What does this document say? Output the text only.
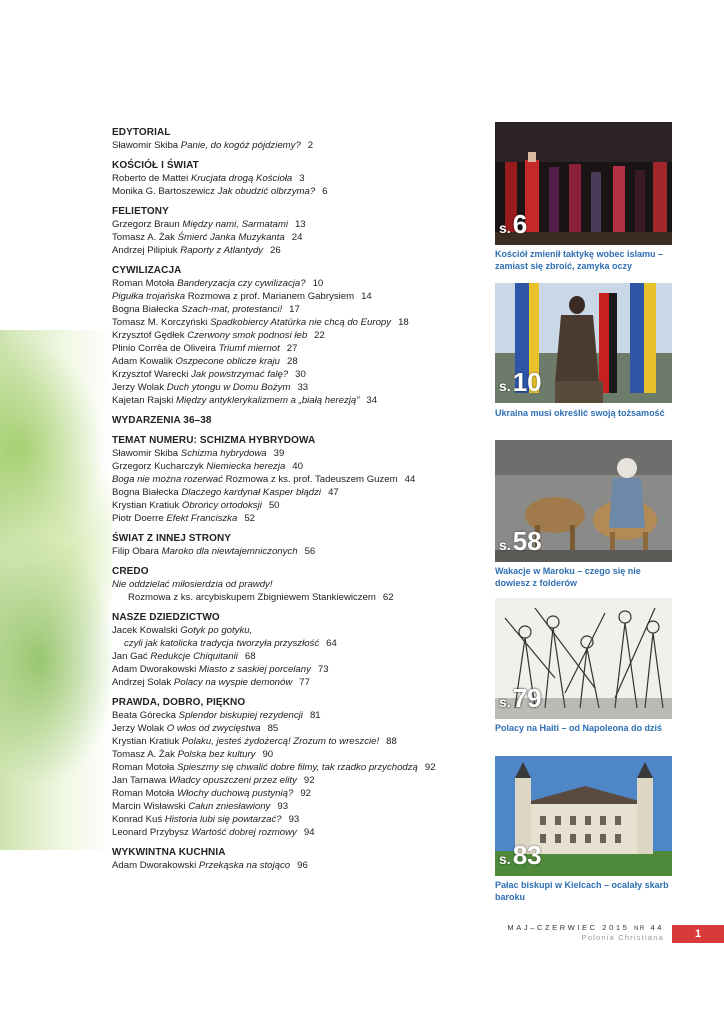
EDYTORIAL
Sławomir Skiba Panie, do kogóż pójdziemy? 2
KOŚCIÓŁ I ŚWIAT
Roberto de Mattei Krucjata drogą Kościoła 3
Monika G. Bartoszewicz Jak obudzić olbrzyma? 6
FELIETONY
Grzegorz Braun Między nami, Sarmatami 13
Tomasz A. Żak Śmierć Janka Muzykanta 24
Andrzej Pilipiuk Raporty z Atlantydy 26
CYWILIZACJA
Roman Motoła Banderyzacja czy cywilizacja? 10
Pigułka trojańska Rozmowa z prof. Marianem Gabrysiem 14
Bogna Białecka Szach-mat, protestanci! 17
Tomasz M. Korczyński Spadkobiercy Atatürka nie chcą do Europy 18
Krzysztof Gędłek Czerwony smok podnosi łeb 22
Plinio Corrêa de Oliveira Triumf miernot 27
Adam Kowalik Oszpecone oblicze kraju 28
Krzysztof Warecki Jak powstrzymać falę? 30
Jerzy Wolak Duch ytongu w Domu Bożym 33
Kajetan Rajski Między antyklerykalizmem a „białą herezją” 34
WYDARZENIA 36–38
TEMAT NUMERU: SCHIZMA HYBRYDOWA
Sławomir Skiba Schizma hybrydowa 39
Grzegorz Kucharczyk Niemiecka herezja 40
Boga nie można rozerwać Rozmowa z ks. prof. Tadeuszem Guzem 44
Bogna Białecka Dlaczego kardynał Kasper błądzi 47
Krystian Kratiuk Obrońcy ortodoksji 50
Piotr Doerre Efekt Franciszka 52
ŚWIAT Z INNEJ STRONY
Filip Obara Maroko dla niewtajemniczonych 56
CREDO
Nie oddzielać miłosierdzia od prawdy!
Rozmowa z ks. arcybiskupem Zbigniewem Stankiewiczem 62
NASZE DZIEDZICTWO
Jacek Kowalski Gotyk po gotyku,
czyli jak katolicka tradycja tworzyła przyszłość 64
Jan Gać Redukcje Chiquitanii 68
Adam Dworakowski Miasto z saskiej porcelany 73
Andrzej Solak Polacy na wyspie demonów 77
PRAWDA, DOBRO, PIĘKNO
Beata Górecka Splendor biskupiej rezydencji 81
Jerzy Wolak O włos od zwycięstwa 85
Krystian Kratiuk Polaku, jesteś żydożercą! Zrozum to wreszcie! 88
Tomasz A. Żak Polska bez kultury 90
Roman Motoła Spieszmy się chwalić dobre filmy, tak rzadko przychodzą 92
Jan Tarnawa Władcy opuszczeni przez elity 92
Roman Motoła Włochy duchową pustynią? 92
Marcin Wisławski Całun zniesławiony 93
Konrad Kuś Historia lubi się powtarzać? 93
Leonard Przybysz Wartość dobrej rozmowy 94
WYKWINTNA KUCHNIA
Adam Dworakowski Przekąska na stojąco 96
s.6
Kościół zmienił taktykę wobec islamu – zamiast się zbroić, zamyka oczy
s.10
Ukraina musi określić swoją tożsamość
s.58
Wakacje w Maroku – czego się nie dowiesz z folderów
s.79
Polacy na Haiti – od Napoleona do dziś
s.83
Pałac biskupi w Kielcach – ocalały skarb baroku
MAJ–CZERWIEC 2015 NR 44
Polonia Christiana	1
